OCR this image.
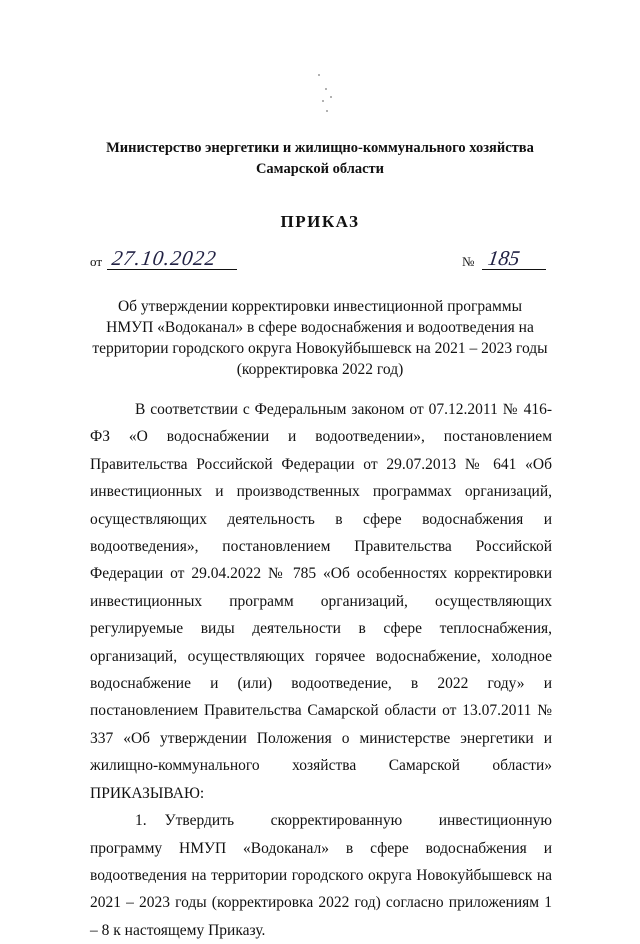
Министерство энергетики и жилищно-коммунального хозяйства
Самарской области
ПРИКАЗ
от 27.10.2022	№ 185
Об утверждении корректировки инвестиционной программы
НМУП «Водоканал» в сфере водоснабжения и водоотведения на
территории городского округа Новокуйбышевск на 2021 – 2023 годы
(корректировка 2022 год)

В соответствии с Федеральным законом от 07.12.2011 № 416-ФЗ «О водоснабжении и водоотведении», постановлением Правительства Российской Федерации от 29.07.2013 № 641 «Об инвестиционных и производственных программах организаций, осуществляющих деятельность в сфере водоснабжения и водоотведения», постановлением Правительства Российской Федерации от 29.04.2022 № 785 «Об особенностях корректировки инвестиционных программ организаций, осуществляющих регулируемые виды деятельности в сфере теплоснабжения, организаций, осуществляющих горячее водоснабжение, холодное водоснабжение и (или) водоотведение, в 2022 году» и постановлением Правительства Самарской области от 13.07.2011 № 337 «Об утверждении Положения о министерстве энергетики и жилищно-коммунального хозяйства Самарской области» ПРИКАЗЫВАЮ:

1. Утвердить скорректированную инвестиционную программу НМУП «Водоканал» в сфере водоснабжения и водоотведения на территории городского округа Новокуйбышевск на 2021 – 2023 годы (корректировка 2022 год) согласно приложениям 1 – 8 к настоящему Приказу.
